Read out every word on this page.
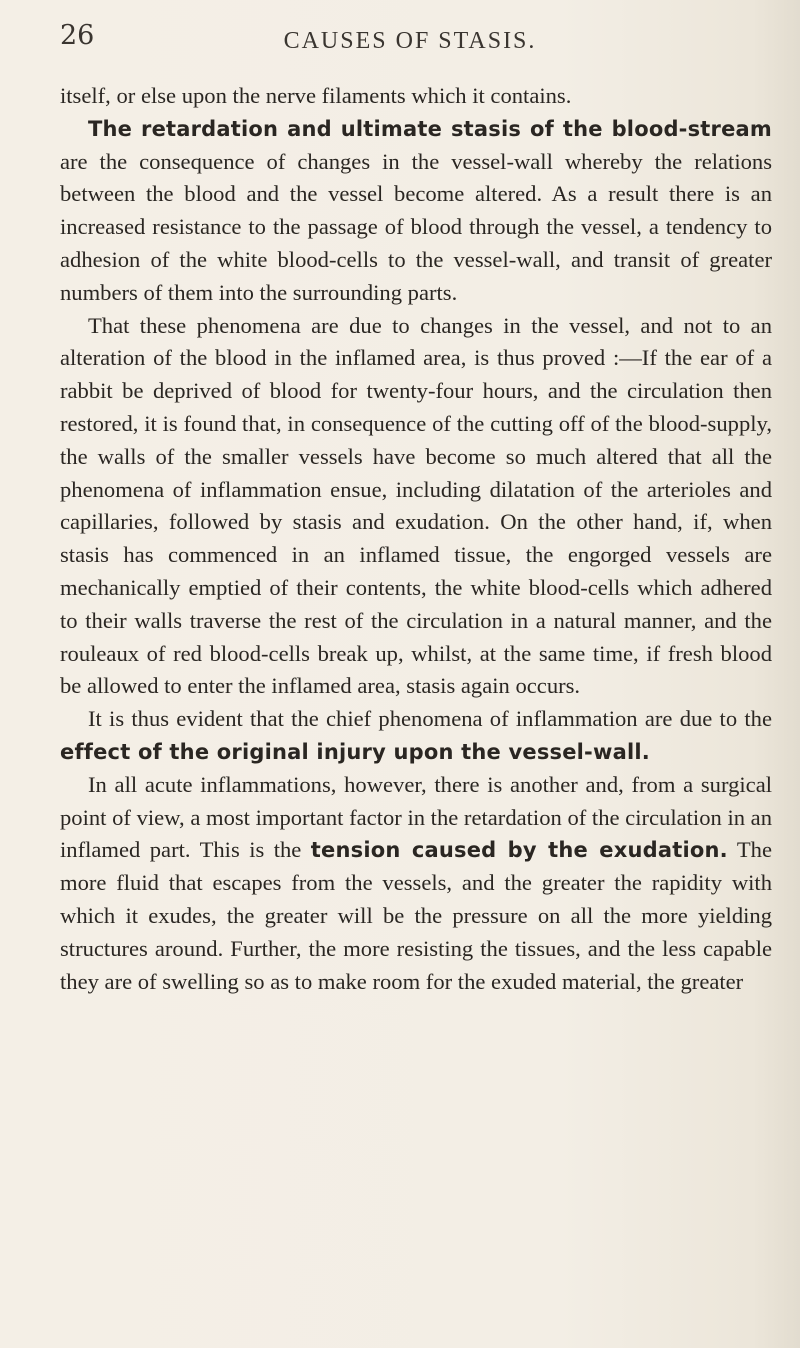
26	CAUSES OF STASIS.

itself, or else upon the nerve filaments which it contains.

The retardation and ultimate stasis of the blood-stream are the consequence of changes in the vessel-wall whereby the relations between the blood and the vessel become altered. As a result there is an increased resistance to the passage of blood through the vessel, a tendency to adhesion of the white blood-cells to the vessel-wall, and transit of greater numbers of them into the surrounding parts.

That these phenomena are due to changes in the vessel, and not to an alteration of the blood in the inflamed area, is thus proved :—If the ear of a rabbit be deprived of blood for twenty-four hours, and the circulation then restored, it is found that, in consequence of the cutting off of the blood-supply, the walls of the smaller vessels have become so much altered that all the phenomena of inflammation ensue, including dilatation of the arterioles and capillaries, followed by stasis and exudation. On the other hand, if, when stasis has commenced in an inflamed tissue, the engorged vessels are mechanically emptied of their contents, the white blood-cells which adhered to their walls traverse the rest of the circulation in a natural manner, and the rouleaux of red blood-cells break up, whilst, at the same time, if fresh blood be allowed to enter the inflamed area, stasis again occurs.

It is thus evident that the chief phenomena of inflammation are due to the effect of the original injury upon the vessel-wall.

In all acute inflammations, however, there is another and, from a surgical point of view, a most important factor in the retardation of the circulation in an inflamed part. This is the tension caused by the exudation. The more fluid that escapes from the vessels, and the greater the rapidity with which it exudes, the greater will be the pressure on all the more yielding structures around. Further, the more resisting the tissues, and the less capable they are of swelling so as to make room for the exuded material, the greater
